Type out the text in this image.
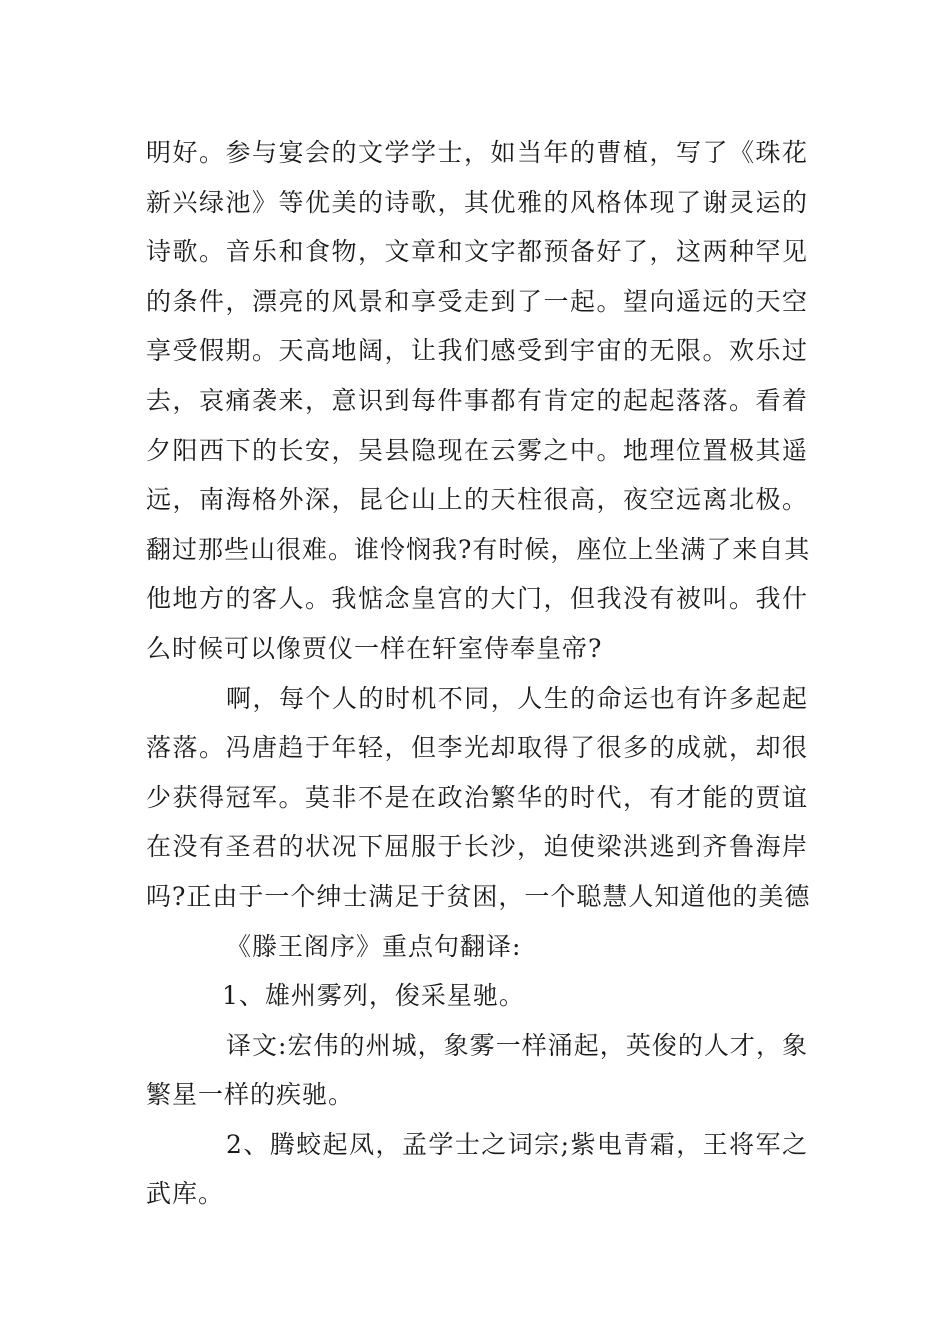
明好。参与宴会的文学学士，如当年的曹植，写了《珠花
新兴绿池》等优美的诗歌，其优雅的风格体现了谢灵运的
诗歌。音乐和食物，文章和文字都预备好了，这两种罕见
的条件，漂亮的风景和享受走到了一起。望向遥远的天空
享受假期。天高地阔，让我们感受到宇宙的无限。欢乐过
去，哀痛袭来，意识到每件事都有肯定的起起落落。看着
夕阳西下的长安，吴县隐现在云雾之中。地理位置极其遥
远，南海格外深，昆仑山上的天柱很高，夜空远离北极。
翻过那些山很难。谁怜悯我?有时候，座位上坐满了来自其
他地方的客人。我惦念皇宫的大门，但我没有被叫。我什
么时候可以像贾仪一样在轩室侍奉皇帝?
啊，每个人的时机不同，人生的命运也有许多起起
落落。冯唐趋于年轻，但李光却取得了很多的成就，却很
少获得冠军。莫非不是在政治繁华的时代，有才能的贾谊
在没有圣君的状况下屈服于长沙，迫使梁洪逃到齐鲁海岸
吗?正由于一个绅士满足于贫困，一个聪慧人知道他的美德
《滕王阁序》重点句翻译:
1、雄州雾列，俊采星驰。
译文:宏伟的州城，象雾一样涌起，英俊的人才，象
繁星一样的疾驰。
2、腾蛟起凤，孟学士之词宗;紫电青霜，王将军之
武库。
